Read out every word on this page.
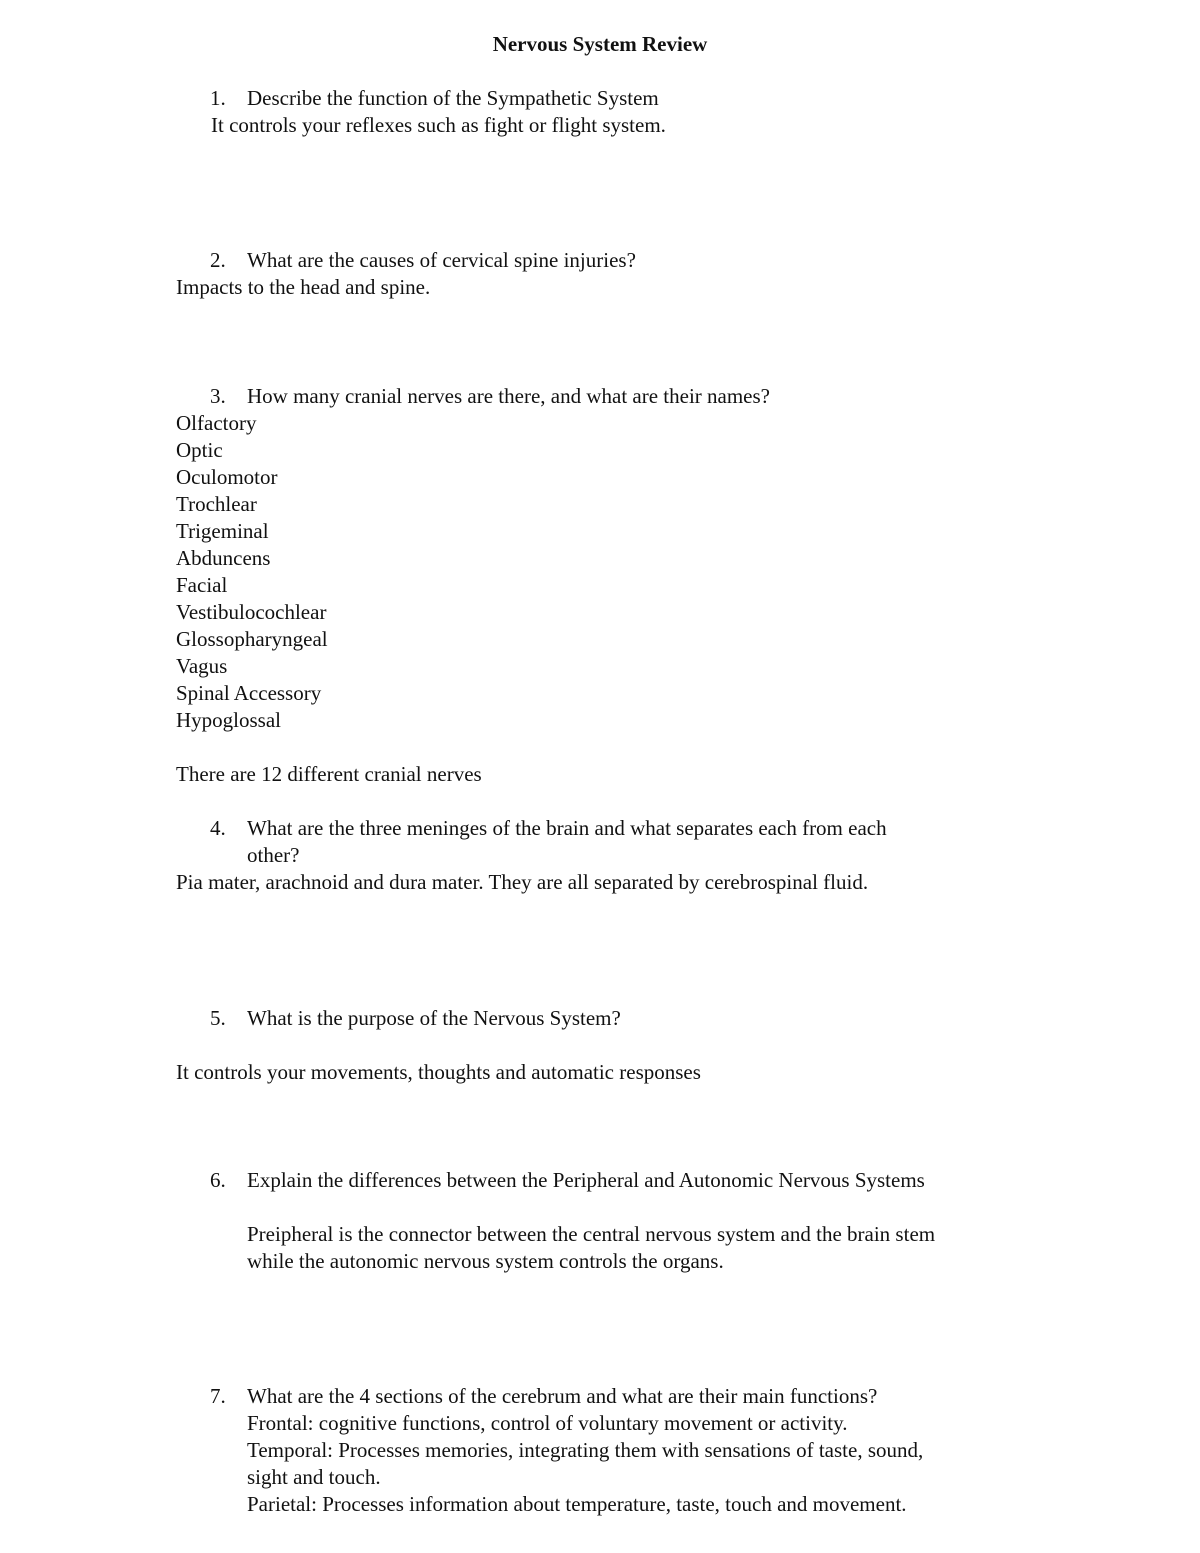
Nervous System Review
1. Describe the function of the Sympathetic System
It controls your reflexes such as fight or flight system.
2. What are the causes of cervical spine injuries?
Impacts to the head and spine.
3. How many cranial nerves are there, and what are their names?
Olfactory
Optic
Oculomotor
Trochlear
Trigeminal
Abduncens
Facial
Vestibulocochlear
Glossopharyngeal
Vagus
Spinal Accessory
Hypoglossal
There are 12 different cranial nerves
4. What are the three meninges of the brain and what separates each from each
other?
Pia mater, arachnoid and dura mater. They are all separated by cerebrospinal fluid.
5. What is the purpose of the Nervous System?
It controls your movements, thoughts and automatic responses
6. Explain the differences between the Peripheral and Autonomic Nervous Systems
Preipheral is the connector between the central nervous system and the brain stem
while the autonomic nervous system controls the organs.
7. What are the 4 sections of the cerebrum and what are their main functions?
Frontal: cognitive functions, control of voluntary movement or activity.
Temporal: Processes memories, integrating them with sensations of taste, sound,
sight and touch.
Parietal: Processes information about temperature, taste, touch and movement.
